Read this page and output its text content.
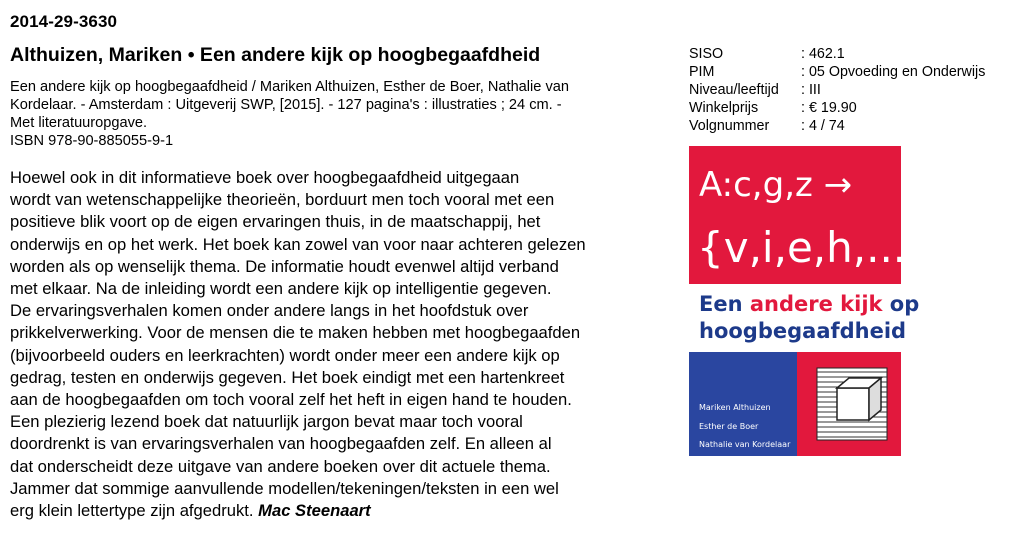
2014-29-3630
Althuizen, Mariken • Een andere kijk op hoogbegaafdheid
Een andere kijk op hoogbegaafdheid / Mariken Althuizen, Esther de Boer, Nathalie van
Kordelaar. - Amsterdam : Uitgeverij SWP, [2015]. - 127 pagina's : illustraties ; 24 cm. -
Met literatuuropgave.
ISBN 978-90-885055-9-1
Hoewel ook in dit informatieve boek over hoogbegaafdheid uitgegaan
wordt van wetenschappelijke theorieën, borduurt men toch vooral met een
positieve blik voort op de eigen ervaringen thuis, in de maatschappij, het
onderwijs en op het werk. Het boek kan zowel van voor naar achteren gelezen
worden als op wenselijk thema. De informatie houdt evenwel altijd verband
met elkaar. Na de inleiding wordt een andere kijk op intelligentie gegeven.
De ervaringsverhalen komen onder andere langs in het hoofdstuk over
prikkelverwerking. Voor de mensen die te maken hebben met hoogbegaafden
(bijvoorbeeld ouders en leerkrachten) wordt onder meer een andere kijk op
gedrag, testen en onderwijs gegeven. Het boek eindigt met een hartenkreet
aan de hoogbegaafden om toch vooral zelf het heft in eigen hand te houden.
Een plezierig lezend boek dat natuurlijk jargon bevat maar toch vooral
doordrenkt is van ervaringsverhalen van hoogbegaafden zelf. En alleen al
dat onderscheidt deze uitgave van andere boeken over dit actuele thema.
Jammer dat sommige aanvullende modellen/tekeningen/teksten in een wel
erg klein lettertype zijn afgedrukt. Mac Steenaart
SISO	: 462.1
PIM	: 05 Opvoeding en Onderwijs
Niveau/leeftijd	: III
Winkelprijs	: € 19.90
Volgnummer	: 4 / 74
A:c,g,z →
{v,i,e,h,...}
Een andere kijk op
hoogbegaafdheid
Mariken Althuizen
Esther de Boer
Nathalie van Kordelaar
